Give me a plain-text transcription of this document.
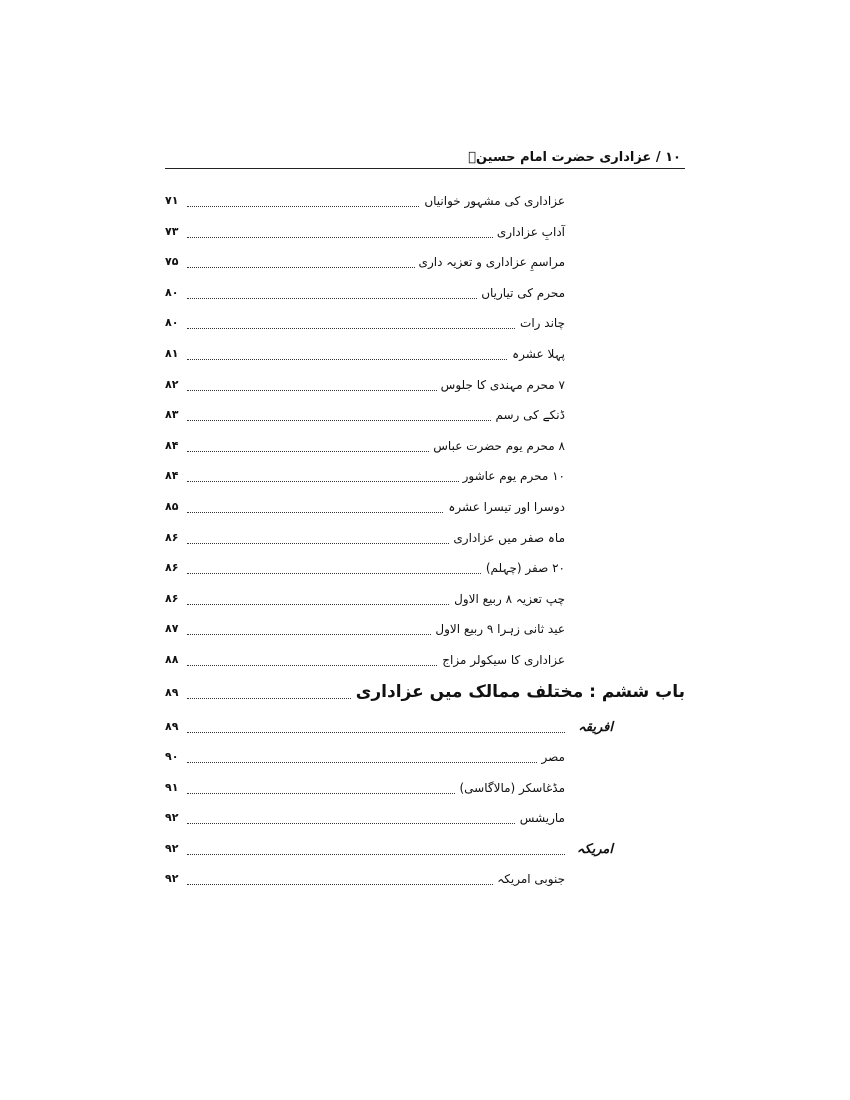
١٠ / عزاداری حضرت امام حسینؑ
عزاداری کی مشہور خوانیاں
۷۱
آدابِ عزاداری
۷۳
مراسمِ عزاداری و تعزیہ داری
۷۵
محرم کی تیاریاں
۸۰
چاند رات
۸۰
پہلا عشرہ
۸۱
۷ محرم مہندی کا جلوس
۸۲
ڈنکے کی رسم
۸۳
۸ محرم یوم حضرت عباس
۸۴
۱۰ محرم یوم عاشور
۸۴
دوسرا اور تیسرا عشرہ
۸۵
ماہ صفر میں عزاداری
۸۶
۲۰ صفر (چہلم)
۸۶
چپ تعزیہ ۸ ربیع الاول
۸۶
عید ثانی زہرا ۹ ربیع الاول
۸۷
عزاداری کا سیکولر مزاج
۸۸
باب ششم : مختلف ممالک میں عزاداری
۸۹
افریقہ
۸۹
مصر
۹۰
مڈغاسکر (مالاگاسی)
۹۱
ماریشس
۹۲
امریکہ
۹۲
جنوبی امریکہ
۹۲
